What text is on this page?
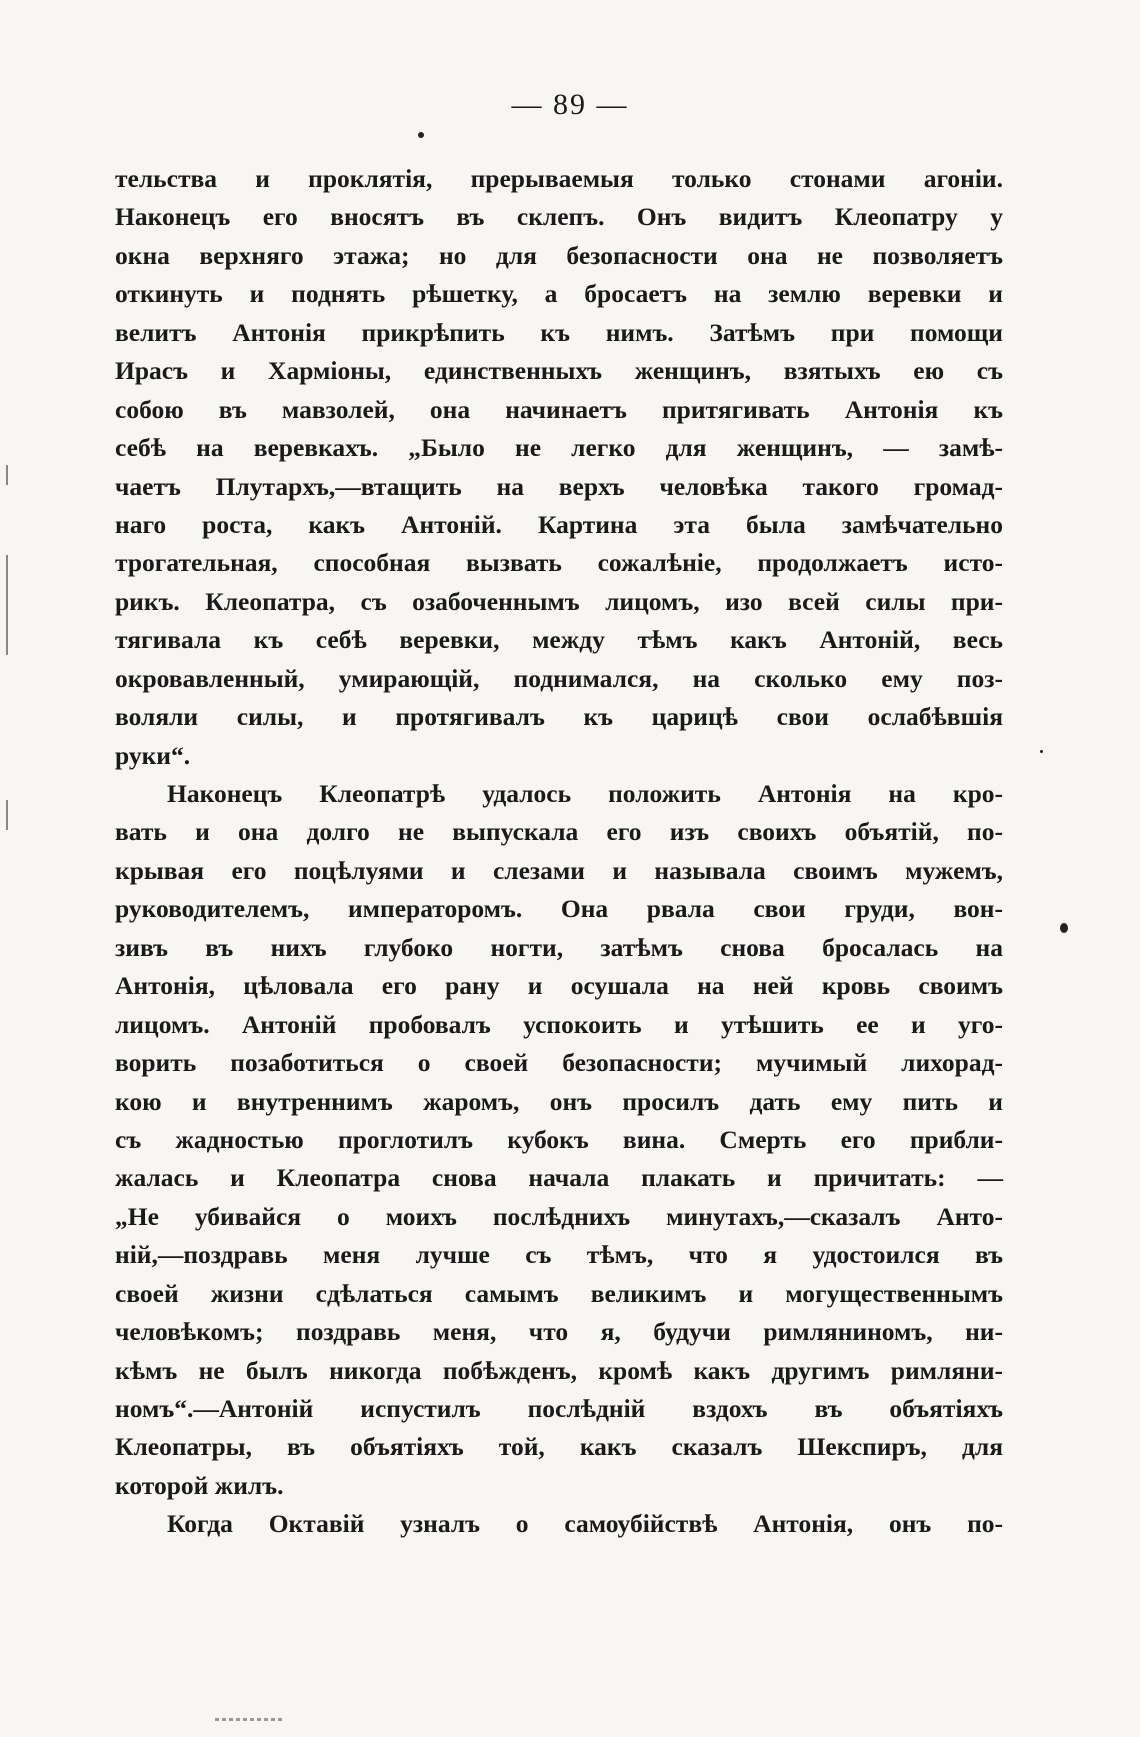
— 89 —
тельства и проклятія, прерываемыя только стонами агоніи.
Наконецъ его вносятъ въ склепъ. Онъ видитъ Клеопатру у
окна верхняго этажа; но для безопасности она не позволяетъ
откинуть и поднять рѣшетку, а бросаетъ на землю веревки и
велитъ Антонія прикрѣпить къ нимъ. Затѣмъ при помощи
Ирасъ и Харміоны, единственныхъ женщинъ, взятыхъ ею съ
собою въ мавзолей, она начинаетъ притягивать Антонія къ
себѣ на веревкахъ. „Было не легко для женщинъ, — замѣ-
чаетъ Плутархъ,—втащить на верхъ человѣка такого громад-
наго роста, какъ Антоній. Картина эта была замѣчательно
трогательная, способная вызвать сожалѣніе, продолжаетъ исто-
рикъ. Клеопатра, съ озабоченнымъ лицомъ, изо всей силы при-
тягивала къ себѣ веревки, между тѣмъ какъ Антоній, весь
окровавленный, умирающій, поднимался, на сколько ему поз-
воляли силы, и протягивалъ къ царицѣ свои ослабѣвшія
руки“.
Наконецъ Клеопатрѣ удалось положить Антонія на кро-
вать и она долго не выпускала его изъ своихъ объятій, по-
крывая его поцѣлуями и слезами и называла своимъ мужемъ,
руководителемъ, императоромъ. Она рвала свои груди, вон-
зивъ въ нихъ глубоко ногти, затѣмъ снова бросалась на
Антонія, цѣловала его рану и осушала на ней кровь своимъ
лицомъ. Антоній пробовалъ успокоить и утѣшить ее и уго-
ворить позаботиться о своей безопасности; мучимый лихорад-
кою и внутреннимъ жаромъ, онъ просилъ дать ему пить и
съ жадностью проглотилъ кубокъ вина. Смерть его прибли-
жалась и Клеопатра снова начала плакать и причитать: —
„Не убивайся о моихъ послѣднихъ минутахъ,—сказалъ Анто-
ній,—поздравь меня лучше съ тѣмъ, что я удостоился въ
своей жизни сдѣлаться самымъ великимъ и могущественнымъ
человѣкомъ; поздравь меня, что я, будучи римляниномъ, ни-
кѣмъ не былъ никогда побѣжденъ, кромѣ какъ другимъ римляни-
номъ“.—Антоній испустилъ послѣдній вздохъ въ объятіяхъ
Клеопатры, въ объятіяхъ той, какъ сказалъ Шекспиръ, для
которой жилъ.
Когда Октавій узналъ о самоубійствѣ Антонія, онъ по-
